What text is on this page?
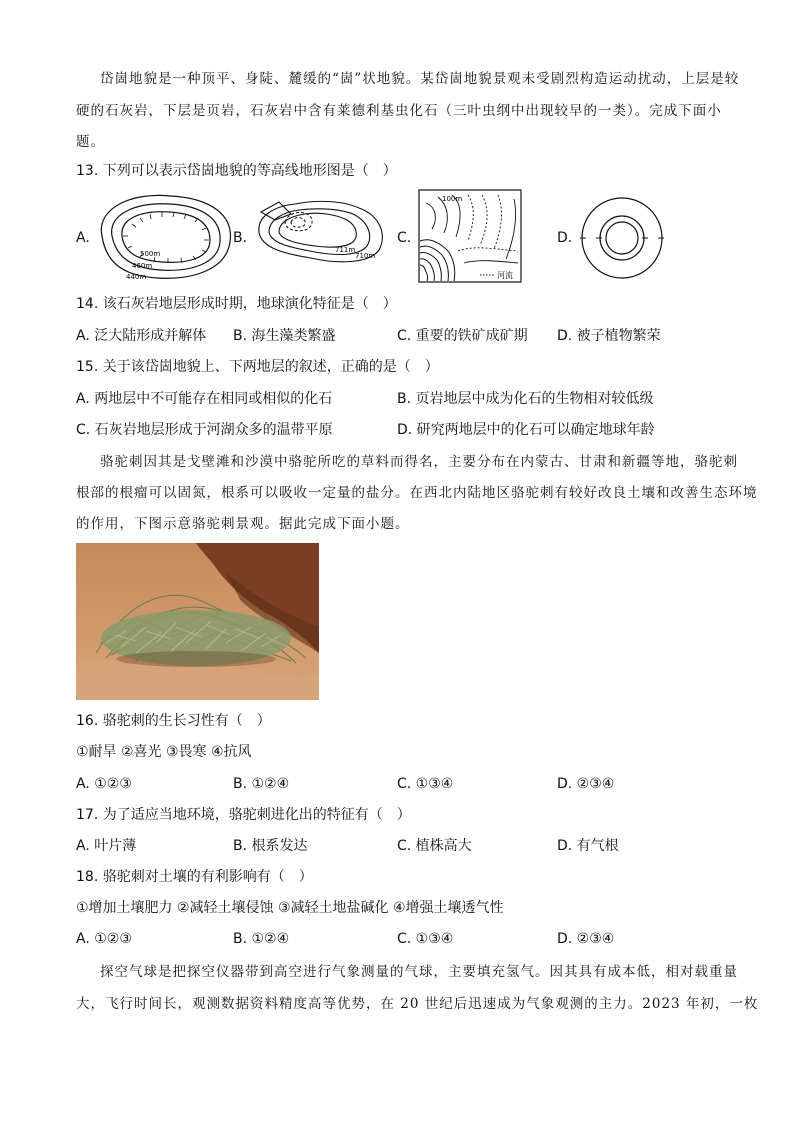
岱崮地貌是一种顶平、身陡、麓缓的“崮”状地貌。某岱崮地貌景观未受剧烈构造运动扰动，上层是较
硬的石灰岩，下层是页岩，石灰岩中含有莱德利基虫化石（三叶虫纲中出现较早的一类）。完成下面小
题。
13. 下列可以表示岱崮地貌的等高线地形图是（　）
A.
500m
460m
440m
B.
711m
710m
C.
100m
河流
D.
14. 该石灰岩地层形成时期，地球演化特征是（　）
A. 泛大陆形成并解体 B. 海生藻类繁盛	C. 重要的铁矿成矿期 D. 被子植物繁荣
15. 关于该岱崮地貌上、下两地层的叙述，正确的是（　）
A. 两地层中不可能存在相同或相似的化石	B. 页岩地层中成为化石的生物相对较低级
C. 石灰岩地层形成于河湖众多的温带平原	D. 研究两地层中的化石可以确定地球年龄
骆驼刺因其是戈壁滩和沙漠中骆驼所吃的草料而得名，主要分布在内蒙古、甘肃和新疆等地，骆驼刺
根部的根瘤可以固氮，根系可以吸收一定量的盐分。在西北内陆地区骆驼刺有较好改良土壤和改善生态环境
的作用，下图示意骆驼刺景观。据此完成下面小题。
16. 骆驼刺的生长习性有（　）
①耐旱 ②喜光 ③畏寒 ④抗风
A. ①②③	B. ①②④	C. ①③④	D. ②③④
17. 为了适应当地环境，骆驼刺进化出的特征有（　）
A. 叶片薄	B. 根系发达	C. 植株高大	D. 有气根
18. 骆驼刺对土壤的有利影响有（　）
①增加土壤肥力 ②减轻土壤侵蚀 ③减轻土地盐碱化 ④增强土壤透气性
A. ①②③	B. ①②④	C. ①③④	D. ②③④
探空气球是把探空仪器带到高空进行气象测量的气球，主要填充氢气。因其具有成本低，相对载重量
大，飞行时间长，观测数据资料精度高等优势，在 20 世纪后迅速成为气象观测的主力。2023 年初，一枚
